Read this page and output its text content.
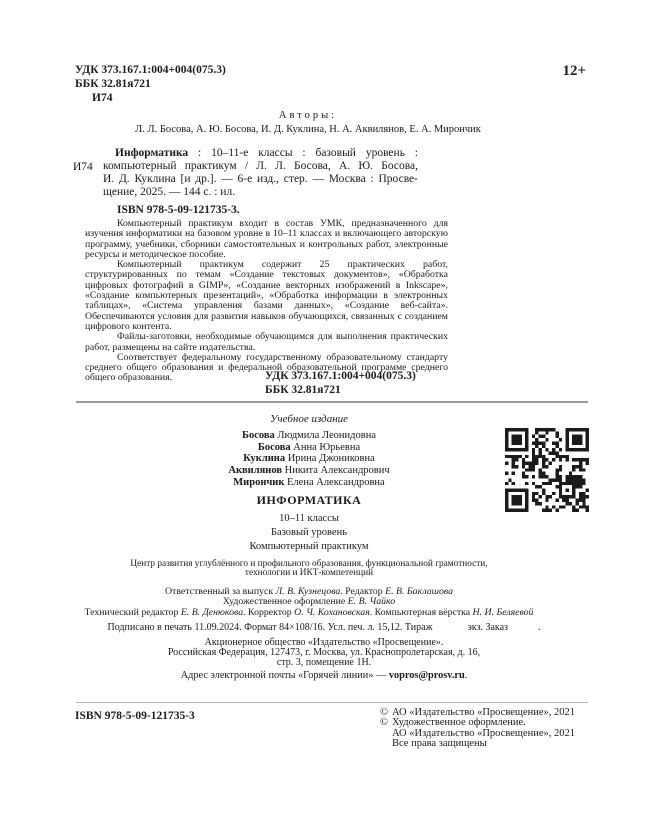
УДК 373.167.1:004+004(075.3)
ББК 32.81я721
И74
12+
Авторы:
Л. Л. Босова, А. Ю. Босова, И. Д. Куклина, Н. А. Аквилянов, Е. А. Мирончик
И74
Информатика : 10–11-е классы : базовый уровень :
компьютерный практикум / Л. Л. Босова, А. Ю. Босова,
И. Д. Куклина [и др.]. — 6-е изд., стер. — Москва : Просве-
щение, 2025. — 144 с. : ил.
ISBN 978-5-09-121735-3.

Компьютерный практикум входит в состав УМК, предназначенного для изучения информатики на базовом уровне в 10–11 классах и включающего авторскую программу, учебники, сборники самостоятельных и контрольных работ, электронные ресурсы и методическое пособие.

Компьютерный практикум содержит 25 практических работ, структурированных по темам «Создание текстовых документов», «Обработка цифровых фотографий в GIMP», «Создание векторных изображений в Inkscape», «Создание компьютерных презентаций», «Обработка информации в электронных таблицах», «Система управления базами данных», «Создание веб-сайта». Обеспечиваются условия для развития навыков обучающихся, связанных с созданием цифрового контента.

Файлы-заготовки, необходимые обучающимся для выполнения практических работ, размещены на сайте издательства.

Соответствует федеральному государственному образовательному стандарту среднего общего образования и федеральной образовательной программе среднего общего образования.	УДК 373.167.1:004+004(075.3)
ББК 32.81я721
Учебное издание
Босова Людмила Леонидовна
Босова Анна Юрьевна
Куклина Ирина Джониковна
Аквилянов Никита Александрович
Мирончик Елена Александровна
ИНФОРМАТИКА
10–11 классы
Базовый уровень
Компьютерный практикум
Центр развития углублённого и профильного образования, функциональной грамотности,
технологии и ИКТ-компетенций
Ответственный за выпуск Л. В. Кузнецова. Редактор Е. В. Баклашова
Художественное оформление Е. В. Чайко
Технический редактор Е. В. Денюкова. Корректор О. Ч. Кохановская. Компьютерная вёрстка Н. И. Беляевой
Подписано в печать 11.09.2024. Формат 84×108/16. Усл. печ. л. 15,12. Тираж              экз. Заказ            .
Акционерное общество «Издательство «Просвещение».
Российская Федерация, 127473, г. Москва, ул. Краснопролетарская, д. 16,
стр. 3, помещение 1Н.
Адрес электронной почты «Горячей линии» — vopros@prosv.ru.
ISBN 978-5-09-121735-3	© АО «Издательство «Просвещение», 2021
© Художественное оформление.
АО «Издательство «Просвещение», 2021
Все права защищены
